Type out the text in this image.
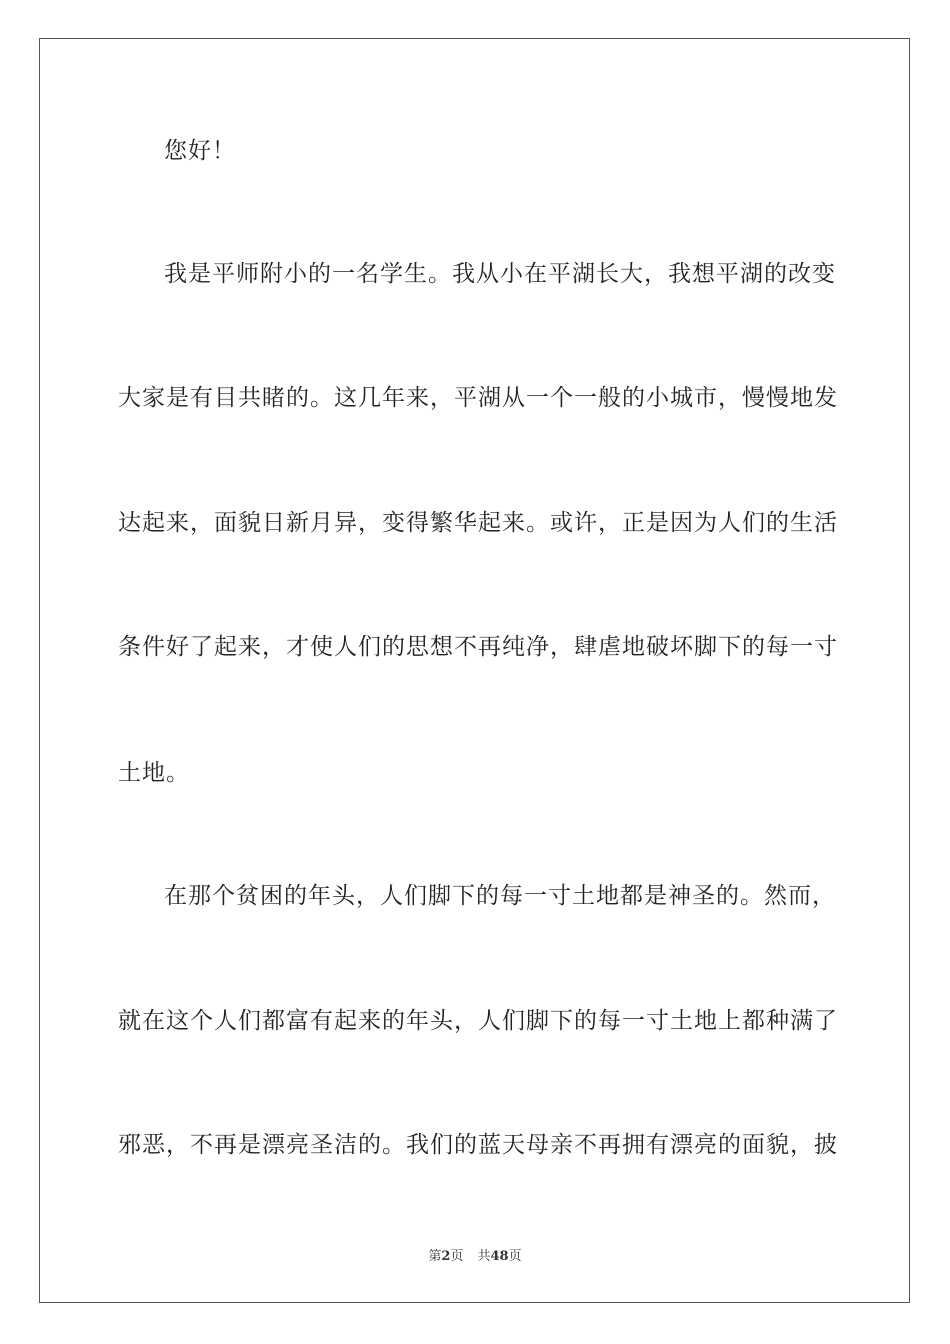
您好！
我是平师附小的一名学生。我从小在平湖长大，我想平湖的改变
大家是有目共睹的。这几年来，平湖从一个一般的小城市，慢慢地发
达起来，面貌日新月异，变得繁华起来。或许，正是因为人们的生活
条件好了起来，才使人们的思想不再纯净，肆虐地破坏脚下的每一寸
土地。
在那个贫困的年头，人们脚下的每一寸土地都是神圣的。然而，
就在这个人们都富有起来的年头，人们脚下的每一寸土地上都种满了
邪恶，不再是漂亮圣洁的。我们的蓝天母亲不再拥有漂亮的面貌，披
第2页 共48页
